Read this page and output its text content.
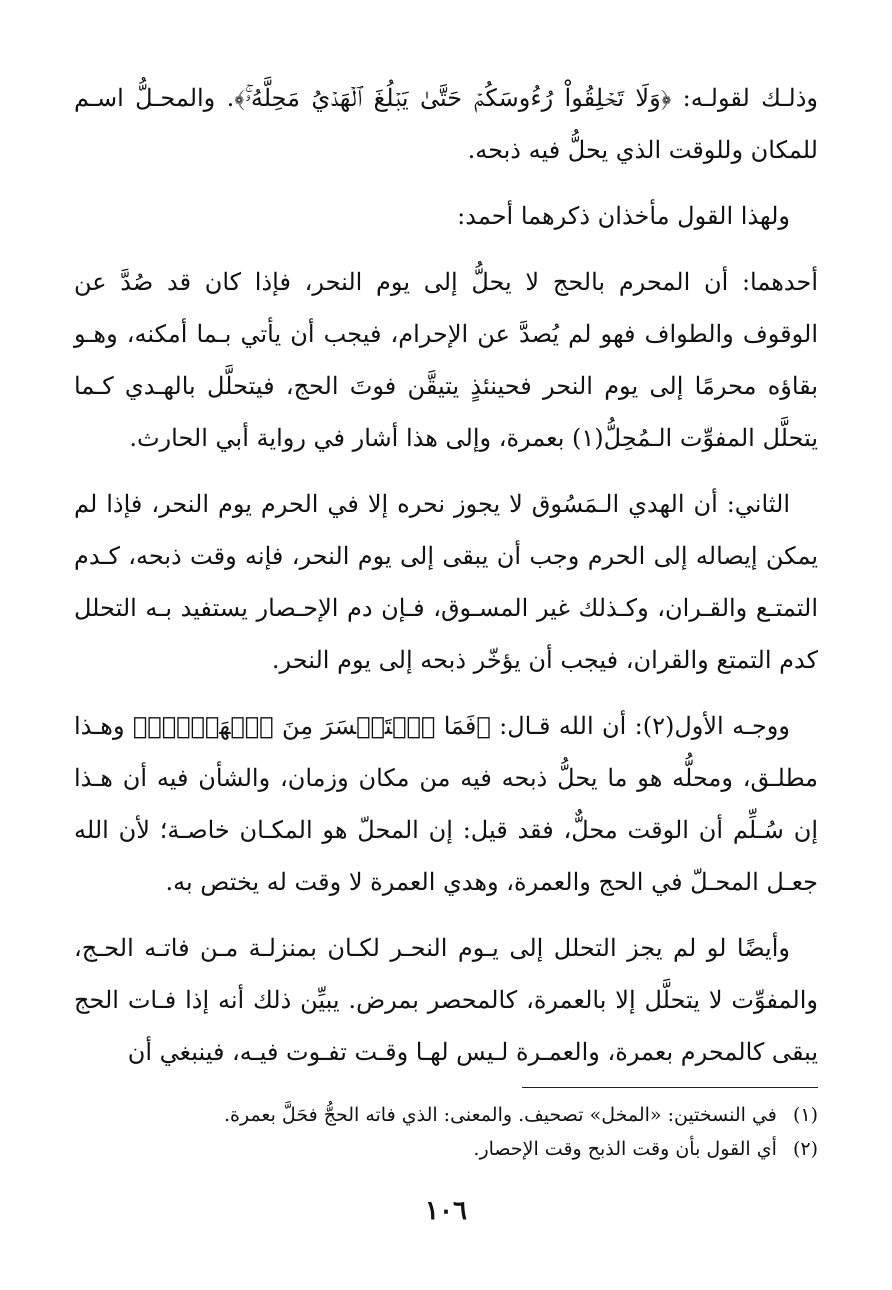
وذلـك لقولـه: ﴿وَلَا تَحۡلِقُواْ رُءُوسَكُمۡ حَتَّىٰ يَبۡلُغَ ٱلۡهَدۡيُ مَحِلَّهُۥۚ﴾. والمحـلُّ اسـم للمكان وللوقت الذي يحلُّ فيه ذبحه.

ولهذا القول مأخذان ذكرهما أحمد:

أحدهما: أن المحرم بالحج لا يحلُّ إلى يوم النحر، فإذا كان قد صُدَّ عن الوقوف والطواف فهو لم يُصدَّ عن الإحرام، فيجب أن يأتي بـما أمكنه، وهـو بقاؤه محرمًا إلى يوم النحر فحينئذٍ يتيقَّن فوتَ الحج، فيتحلَّل بالهـدي كـما يتحلَّل المفوِّت الـمُحِلُّ(١) بعمرة، وإلى هذا أشار في رواية أبي الحارث.

الثاني: أن الهدي الـمَسُوق لا يجوز نحره إلا في الحرم يوم النحر، فإذا لم يمكن إيصاله إلى الحرم وجب أن يبقى إلى يوم النحر، فإنه وقت ذبحه، كـدم التمتـع والقـران، وكـذلك غير المسـوق، فـإن دم الإحـصار يستفيد بـه التحلل كدم التمتع والقران، فيجب أن يؤخّر ذبحه إلى يوم النحر.

ووجـه الأول(٢): أن الله قـال: ﴿فَمَا ٱسۡتَيۡسَرَ مِنَ ٱلۡهَدۡيِۖ﴾ وهـذا مطلـق، ومحلُّه هو ما يحلُّ ذبحه فيه من مكان وزمان، والشأن فيه أن هـذا إن سُـلِّم أن الوقت محلٌّ، فقد قيل: إن المحلّ هو المكـان خاصـة؛ لأن الله جعـل المحـلّ في الحج والعمرة، وهدي العمرة لا وقت له يختص به.

وأيضًا لو لم يجز التحلل إلى يـوم النحـر لكـان بمنزلـة مـن فاتـه الحـج، والمفوِّت لا يتحلَّل إلا بالعمرة، كالمحصر بمرض. يبيِّن ذلك أنه إذا فـات الحج يبقى كالمحرم بعمرة، والعمـرة لـيس لهـا وقـت تفـوت فيـه، فينبغي أن

(١) في النسختين: «المخل» تصحيف. والمعنى: الذي فاته الحجُّ فحَلَّ بعمرة.

(٢) أي القول بأن وقت الذبح وقت الإحصار.

١٠٦
